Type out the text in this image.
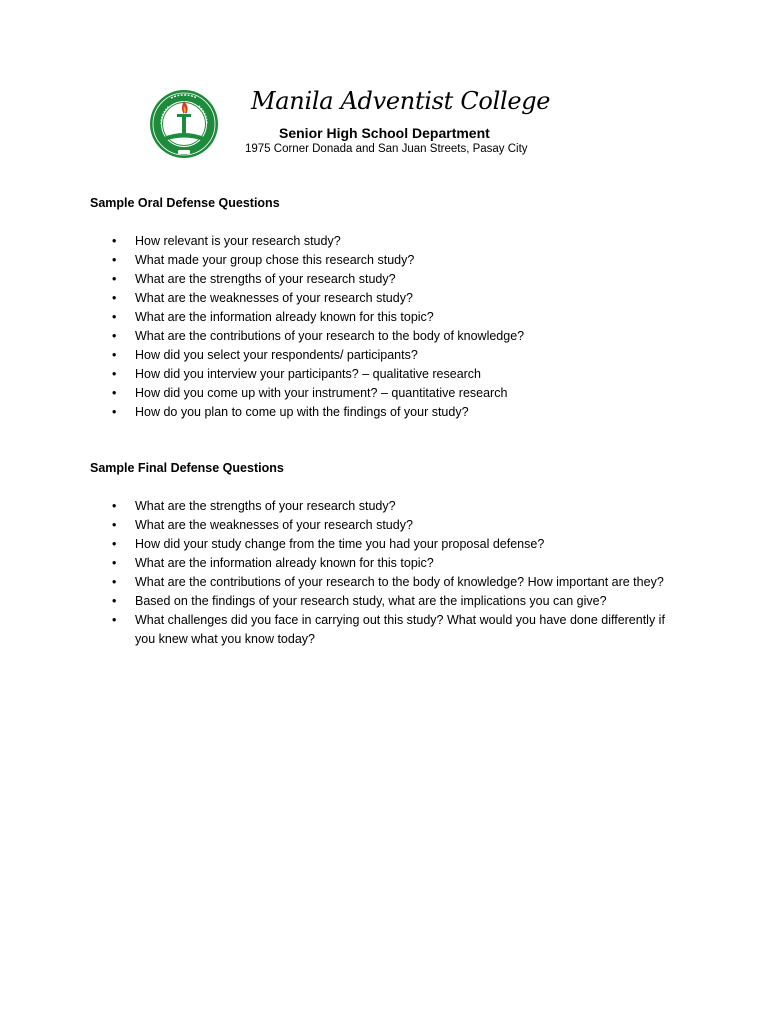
Manila Adventist College
Senior High School Department
1975 Corner Donada and San Juan Streets, Pasay City
Sample Oral Defense Questions
•	How relevant is your research study?
•	What made your group chose this research study?
•	What are the strengths of your research study?
•	What are the weaknesses of your research study?
•	What are the information already known for this topic?
•	What are the contributions of your research to the body of knowledge?
•	How did you select your respondents/ participants?
•	How did you interview your participants? – qualitative research
•	How did you come up with your instrument? – quantitative research
•	How do you plan to come up with the findings of your study?
Sample Final Defense Questions
•	What are the strengths of your research study?
•	What are the weaknesses of your research study?
•	How did your study change from the time you had your proposal defense?
•	What are the information already known for this topic?
•	What are the contributions of your research to the body of knowledge? How important are they?
•	Based on the findings of your research study, what are the implications you can give?
•	What challenges did you face in carrying out this study? What would you have done differently if you knew what you know today?
